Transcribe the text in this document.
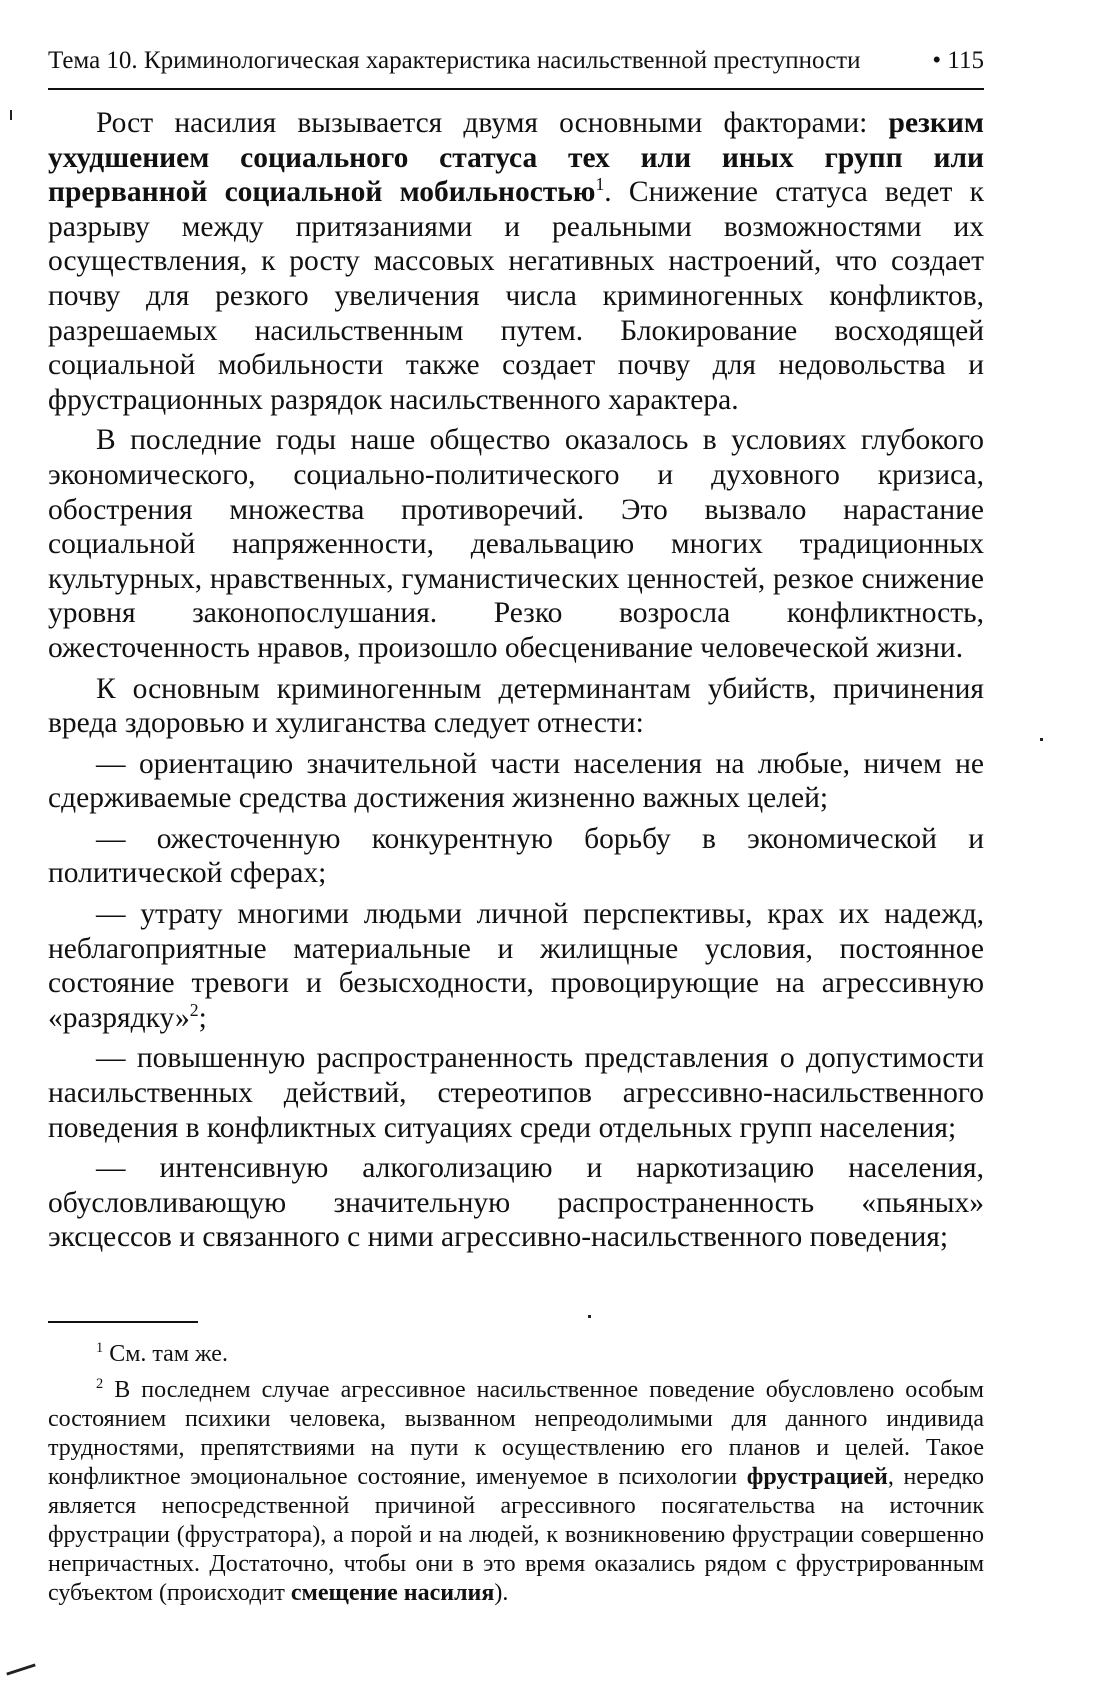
Тема 10. Криминологическая характеристика насильственной преступности	• 115

Рост насилия вызывается двумя основными факторами: резким ухудшением социального статуса тех или иных групп или прерванной социальной мобильностью$^1$. Снижение статуса ведет к разрыву между притязаниями и реальными возможностями их осуществления, к росту массовых негативных настроений, что создает почву для резкого увеличения числа криминогенных конфликтов, разрешаемых насильственным путем. Блокирование восходящей социальной мобильности также создает почву для недовольства и фрустрационных разрядок насильственного характера.

В последние годы наше общество оказалось в условиях глубокого экономического, социально-политического и духовного кризиса, обострения множества противоречий. Это вызвало нарастание социальной напряженности, девальвацию многих традиционных культурных, нравственных, гуманистических ценностей, резкое снижение уровня законопослушания. Резко возросла конфликтность, ожесточенность нравов, произошло обесценивание человеческой жизни.

К основным криминогенным детерминантам убийств, причинения вреда здоровью и хулиганства следует отнести:

— ориентацию значительной части населения на любые, ничем не сдерживаемые средства достижения жизненно важных целей;

— ожесточенную конкурентную борьбу в экономической и политической сферах;

— утрату многими людьми личной перспективы, крах их надежд, неблагоприятные материальные и жилищные условия, постоянное состояние тревоги и безысходности, провоцирующие на агрессивную «разрядку»$^2$;

— повышенную распространенность представления о допустимости насильственных действий, стереотипов агрессивно-насильственного поведения в конфликтных ситуациях среди отдельных групп населения;

— интенсивную алкоголизацию и наркотизацию населения, обусловливающую значительную распространенность «пьяных» эксцессов и связанного с ними агрессивно-насильственного поведения;

$^1$ См. там же.

$^2$ В последнем случае агрессивное насильственное поведение обусловлено особым состоянием психики человека, вызванном непреодолимыми для данного индивида трудностями, препятствиями на пути к осуществлению его планов и целей. Такое конфликтное эмоциональное состояние, именуемое в психологии фрустрацией, нередко является непосредственной причиной агрессивного посягательства на источник фрустрации (фрустратора), а порой и на людей, к возникновению фрустрации совершенно непричастных. Достаточно, чтобы они в это время оказались рядом с фрустрированным субъектом (происходит смещение насилия).
